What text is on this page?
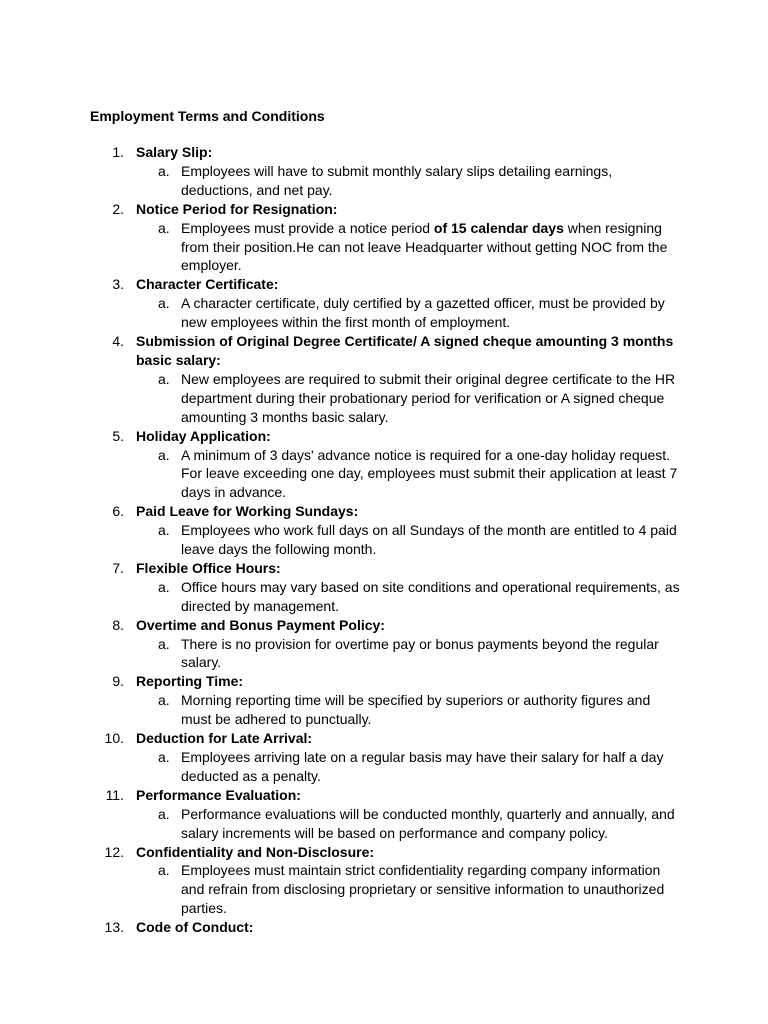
Employment Terms and Conditions
1. Salary Slip:
a. Employees will have to submit monthly salary slips detailing earnings, deductions, and net pay.
2. Notice Period for Resignation:
a. Employees must provide a notice period of 15 calendar days when resigning from their position.He can not leave Headquarter without getting NOC from the employer.
3. Character Certificate:
a. A character certificate, duly certified by a gazetted officer, must be provided by new employees within the first month of employment.
4. Submission of Original Degree Certificate/ A signed cheque amounting 3 months basic salary:
a. New employees are required to submit their original degree certificate to the HR department during their probationary period for verification or A signed cheque amounting 3 months basic salary.
5. Holiday Application:
a. A minimum of 3 days' advance notice is required for a one-day holiday request. For leave exceeding one day, employees must submit their application at least 7 days in advance.
6. Paid Leave for Working Sundays:
a. Employees who work full days on all Sundays of the month are entitled to 4 paid leave days the following month.
7. Flexible Office Hours:
a. Office hours may vary based on site conditions and operational requirements, as directed by management.
8. Overtime and Bonus Payment Policy:
a. There is no provision for overtime pay or bonus payments beyond the regular salary.
9. Reporting Time:
a. Morning reporting time will be specified by superiors or authority figures and must be adhered to punctually.
10. Deduction for Late Arrival:
a. Employees arriving late on a regular basis may have their salary for half a day deducted as a penalty.
11. Performance Evaluation:
a. Performance evaluations will be conducted monthly, quarterly and annually, and salary increments will be based on performance and company policy.
12. Confidentiality and Non-Disclosure:
a. Employees must maintain strict confidentiality regarding company information and refrain from disclosing proprietary or sensitive information to unauthorized parties.
13. Code of Conduct:
